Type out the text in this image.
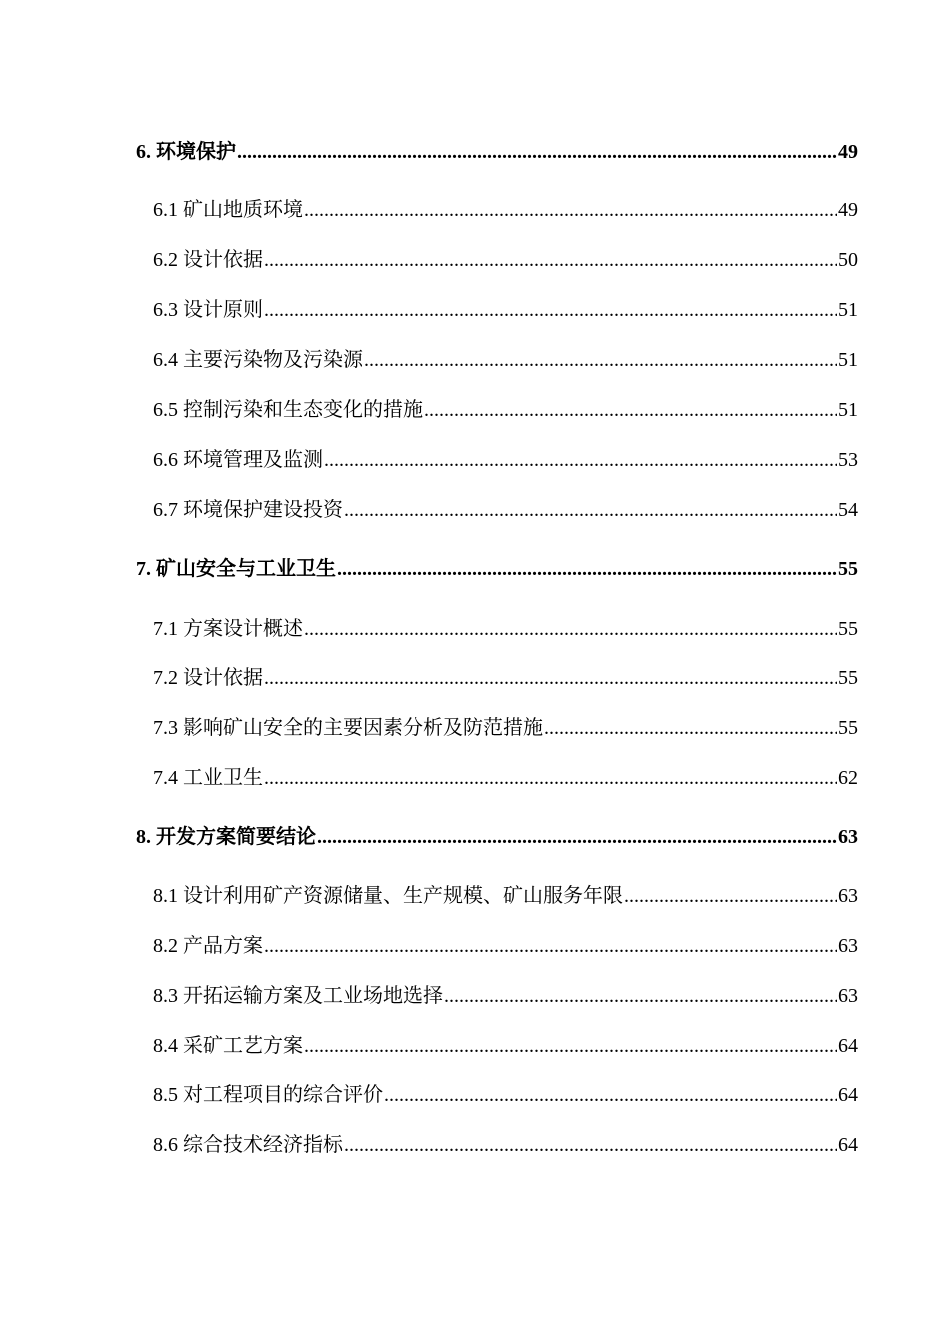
6. 环境保护 .....	49
6.1 矿山地质环境 .....	49
6.2 设计依据 .....	50
6.3 设计原则 .....	51
6.4 主要污染物及污染源 .....	51
6.5 控制污染和生态变化的措施 .....	51
6.6 环境管理及监测 .....	53
6.7 环境保护建设投资 .....	54
7. 矿山安全与工业卫生 .....	55
7.1 方案设计概述 .....	55
7.2 设计依据 .....	55
7.3 影响矿山安全的主要因素分析及防范措施 .....	55
7.4 工业卫生 .....	62
8. 开发方案简要结论 .....	63
8.1 设计利用矿产资源储量、生产规模、矿山服务年限 .....	63
8.2 产品方案 .....	63
8.3 开拓运输方案及工业场地选择 .....	63
8.4 采矿工艺方案 .....	64
8.5 对工程项目的综合评价 .....	64
8.6 综合技术经济指标 .....	64
